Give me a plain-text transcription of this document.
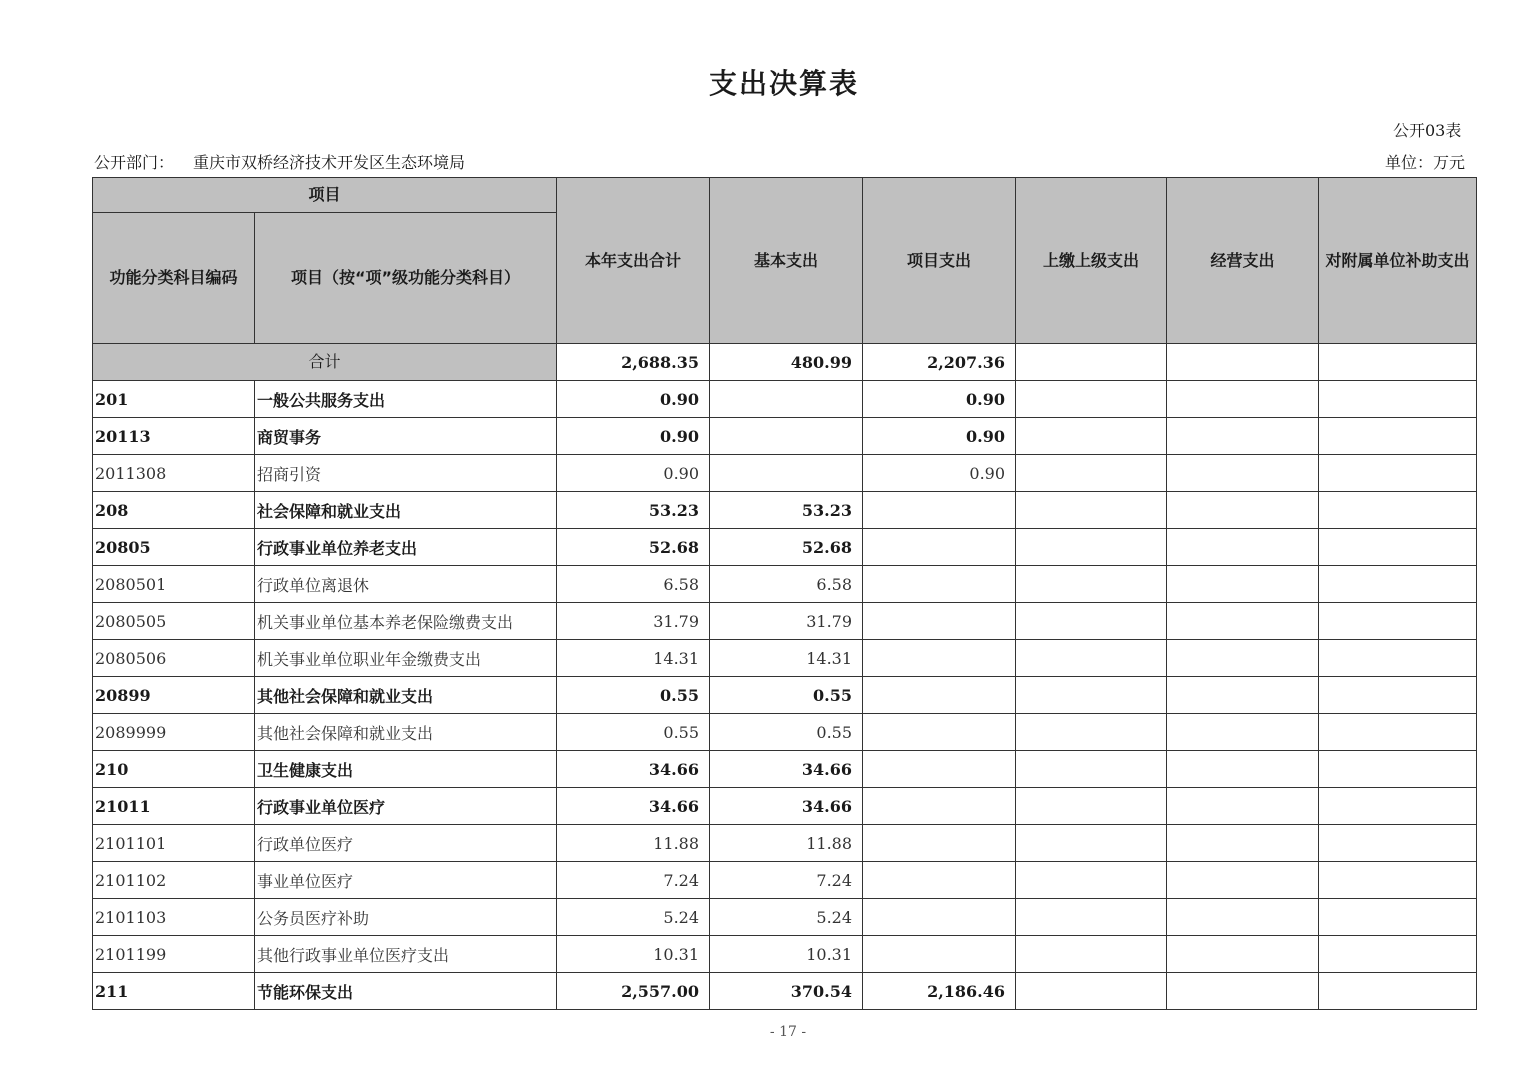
支出决算表
公开03表
公开部门： 重庆市双桥经济技术开发区生态环境局	单位：万元
项目		本年支出合计	基本支出	项目支出	上缴上级支出	经营支出	对附属单位补助支出
功能分类科目编码	项目（按“项”级功能分类科目）						
合计		2,688.35	480.99	2,207.36			
201	一般公共服务支出	0.90		0.90			
20113	商贸事务	0.90		0.90			
2011308	招商引资	0.90		0.90			
208	社会保障和就业支出	53.23	53.23				
20805	行政事业单位养老支出	52.68	52.68				
2080501	行政单位离退休	6.58	6.58				
2080505	机关事业单位基本养老保险缴费支出	31.79	31.79				
2080506	机关事业单位职业年金缴费支出	14.31	14.31				
20899	其他社会保障和就业支出	0.55	0.55				
2089999	其他社会保障和就业支出	0.55	0.55				
210	卫生健康支出	34.66	34.66				
21011	行政事业单位医疗	34.66	34.66				
2101101	行政单位医疗	11.88	11.88				
2101102	事业单位医疗	7.24	7.24				
2101103	公务员医疗补助	5.24	5.24				
2101199	其他行政事业单位医疗支出	10.31	10.31				
211	节能环保支出	2,557.00	370.54	2,186.46			
- 17 -
